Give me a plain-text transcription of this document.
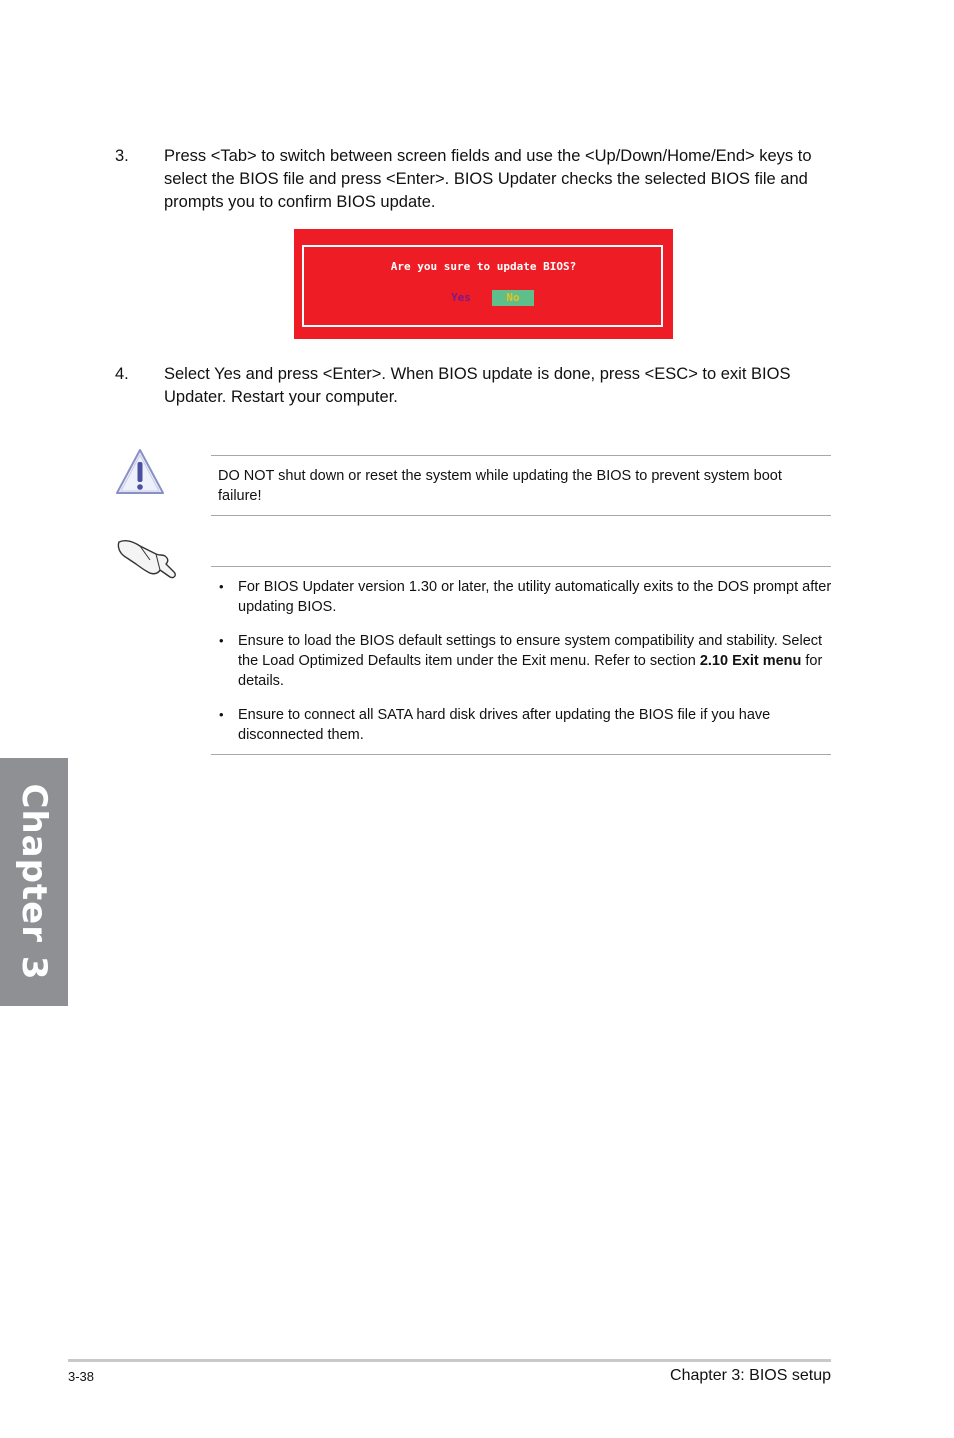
3. Press <Tab> to switch between screen fields and use the <Up/Down/Home/End> keys to select the BIOS file and press <Enter>. BIOS Updater checks the selected BIOS file and prompts you to confirm BIOS update.
Are you sure to update BIOS?
Yes	No
4. Select Yes and press <Enter>. When BIOS update is done, press <ESC> to exit BIOS Updater. Restart your computer.
DO NOT shut down or reset the system while updating the BIOS to prevent system boot failure!
• For BIOS Updater version 1.30 or later, the utility automatically exits to the DOS prompt after updating BIOS.
• Ensure to load the BIOS default settings to ensure system compatibility and stability. Select the Load Optimized Defaults item under the Exit menu. Refer to section 2.10 Exit menu for details.
• Ensure to connect all SATA hard disk drives after updating the BIOS file if you have disconnected them.
Chapter 3
3-38	Chapter 3: BIOS setup
